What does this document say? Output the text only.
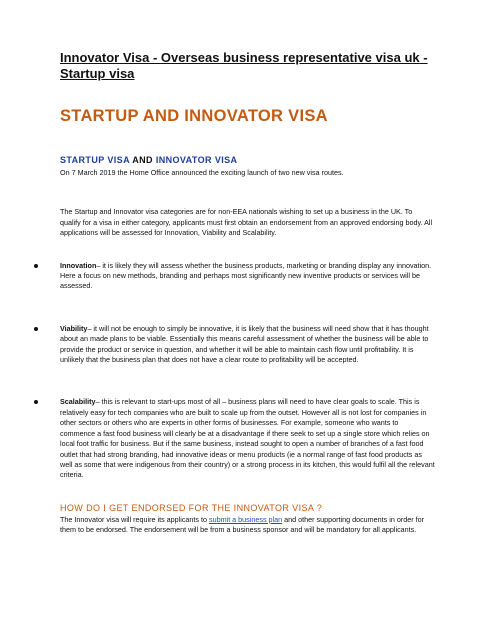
Innovator Visa - Overseas business representative visa uk - Startup visa

STARTUP AND INNOVATOR VISA
STARTUP VISA AND INNOVATOR VISA

On 7 March 2019 the Home Office announced the exciting launch of two new visa routes.

The Startup and Innovator visa categories are for non-EEA nationals wishing to set up a business in the UK. To qualify for a visa in either category, applicants must first obtain an endorsement from an approved endorsing body. All applications will be assessed for Innovation, Viability and Scalability.

Innovation– it is likely they will assess whether the business products, marketing or branding display any innovation. Here a focus on new methods, branding and perhaps most significantly new inventive products or services will be assessed.
Viability– it will not be enough to simply be innovative, it is likely that the business will need show that it has thought about an made plans to be viable. Essentially this means careful assessment of whether the business will be able to provide the product or service in question, and whether it will be able to maintain cash flow until profitability. It is unlikely that the business plan that does not have a clear route to profitability will be accepted.
Scalability– this is relevant to start-ups most of all – business plans will need to have clear goals to scale. This is relatively easy for tech companies who are built to scale up from the outset. However all is not lost for companies in other sectors or others who are experts in other forms of businesses. For example, someone who wants to commence a fast food business will clearly be at a disadvantage if there seek to set up a single store which relies on local foot traffic for business. But if the same business, instead sought to open a number of branches of a fast food outlet that had strong branding, had innovative ideas or menu products (ie a normal range of fast food products as well as some that were indigenous from their country) or a strong process in its kitchen, this would fulfil all the relevant criteria.
HOW DO I GET ENDORSED FOR THE INNOVATOR VISA ?

The Innovator visa will require its applicants to submit a business plan and other supporting documents in order for them to be endorsed. The endorsement will be from a business sponsor and will be mandatory for all applicants.
